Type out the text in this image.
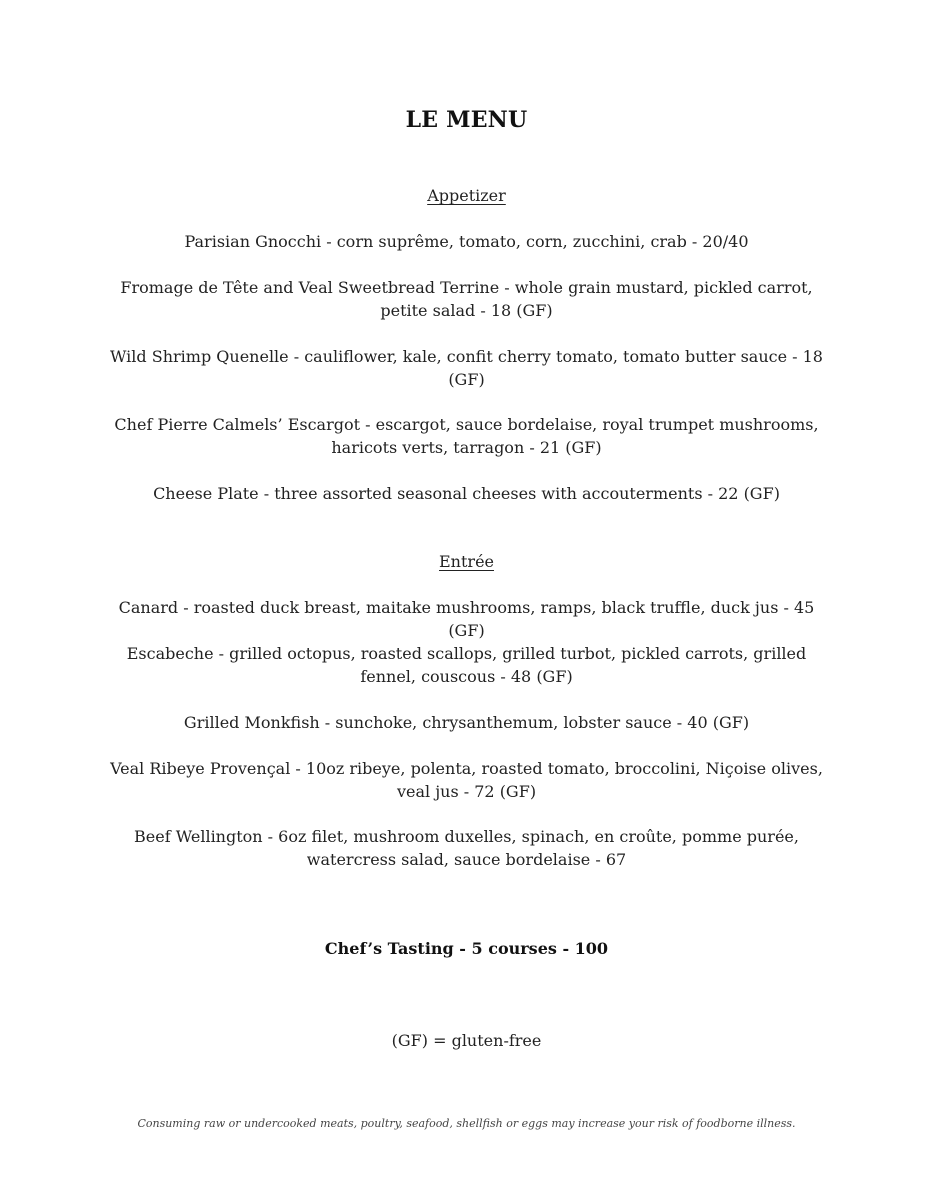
LE MENU
Appetizer
Parisian Gnocchi - corn suprême, tomato, corn, zucchini, crab - 20/40
Fromage de Tête and Veal Sweetbread Terrine - whole grain mustard, pickled carrot, petite salad - 18 (GF)
Wild Shrimp Quenelle - cauliflower, kale, confit cherry tomato, tomato butter sauce - 18 (GF)
Chef Pierre Calmels’ Escargot - escargot, sauce bordelaise, royal trumpet mushrooms, haricots verts, tarragon - 21 (GF)
Cheese Plate - three assorted seasonal cheeses with accouterments - 22 (GF)
Entrée
Canard - roasted duck breast, maitake mushrooms, ramps, black truffle, duck jus - 45 (GF)
Escabeche - grilled octopus, roasted scallops, grilled turbot, pickled carrots, grilled fennel, couscous - 48 (GF)
Grilled Monkfish - sunchoke, chrysanthemum, lobster sauce - 40 (GF)
Veal Ribeye Provençal - 10oz ribeye, polenta, roasted tomato, broccolini, Niçoise olives, veal jus - 72 (GF)
Beef Wellington - 6oz filet, mushroom duxelles, spinach, en croûte, pomme purée, watercress salad, sauce bordelaise - 67
Chef’s Tasting - 5 courses - 100
(GF) = gluten-free
Consuming raw or undercooked meats, poultry, seafood, shellfish or eggs may increase your risk of foodborne illness.
